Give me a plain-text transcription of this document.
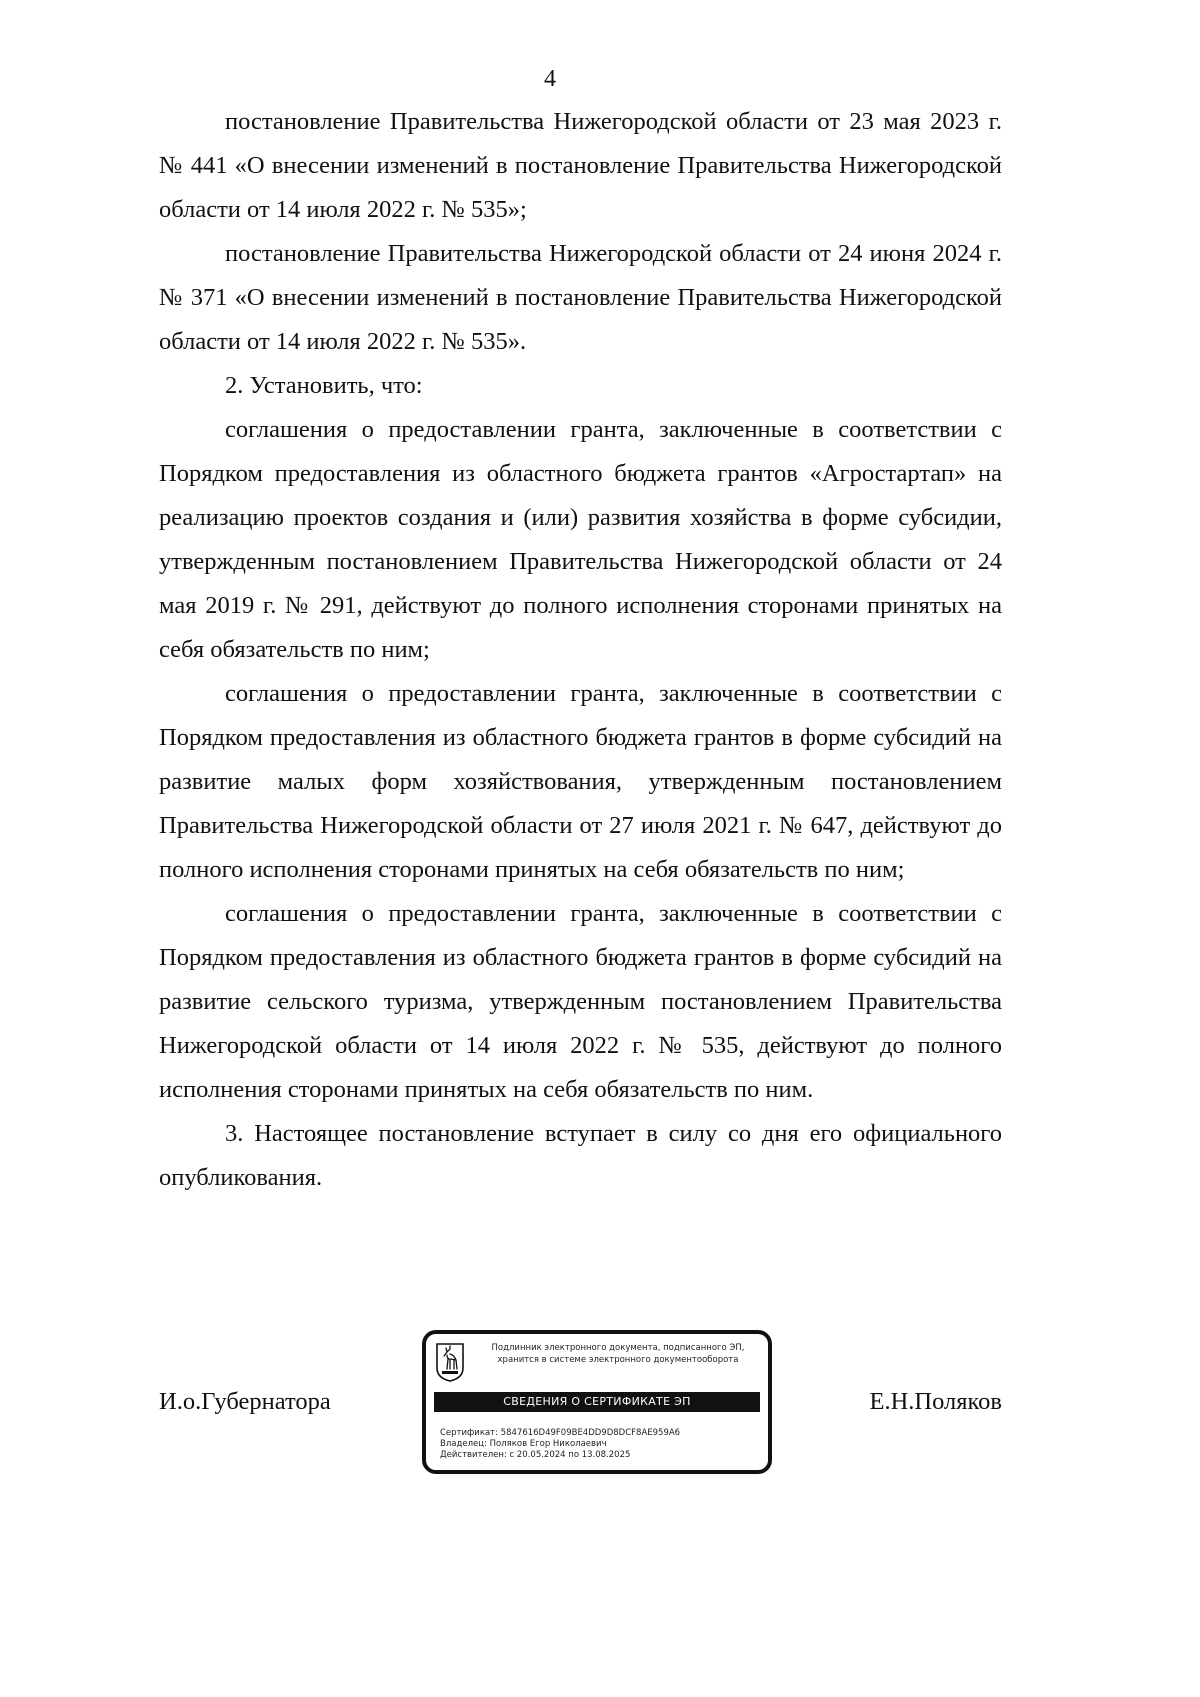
4

постановление Правительства Нижегородской области от 23 мая 2023 г. № 441 «О внесении изменений в постановление Правительства Нижегородской области от 14 июля 2022 г. № 535»;

постановление Правительства Нижегородской области от 24 июня 2024 г. № 371 «О внесении изменений в постановление Правительства Нижегородской области от 14 июля 2022 г. № 535».

2. Установить, что:

соглашения о предоставлении гранта, заключенные в соответствии с Порядком предоставления из областного бюджета грантов «Агростартап» на реализацию проектов создания и (или) развития хозяйства в форме субсидии, утвержденным постановлением Правительства Нижегородской области от 24 мая 2019 г. № 291, действуют до полного исполнения сторонами принятых на себя обязательств по ним;

соглашения о предоставлении гранта, заключенные в соответствии с Порядком предоставления из областного бюджета грантов в форме субсидий на развитие малых форм хозяйствования, утвержденным постановлением Правительства Нижегородской области от 27 июля 2021 г. № 647, действуют до полного исполнения сторонами принятых на себя обязательств по ним;

соглашения о предоставлении гранта, заключенные в соответствии с Порядком предоставления из областного бюджета грантов в форме субсидий на развитие сельского туризма, утвержденным постановлением Правительства Нижегородской области от 14 июля 2022 г. № 535, действуют до полного исполнения сторонами принятых на себя обязательств по ним.

3. Настоящее постановление вступает в силу со дня его официального опубликования.

И.о.Губернатора	Е.Н.Поляков
Подлинник электронного документа, подписанного ЭП,
хранится в системе электронного документооборота
СВЕДЕНИЯ О СЕРТИФИКАТЕ ЭП
Сертификат: 5847616D49F09BE4DD9D8DCF8AE959A6
Владелец: Поляков Егор Николаевич
Действителен: с 20.05.2024 по 13.08.2025
